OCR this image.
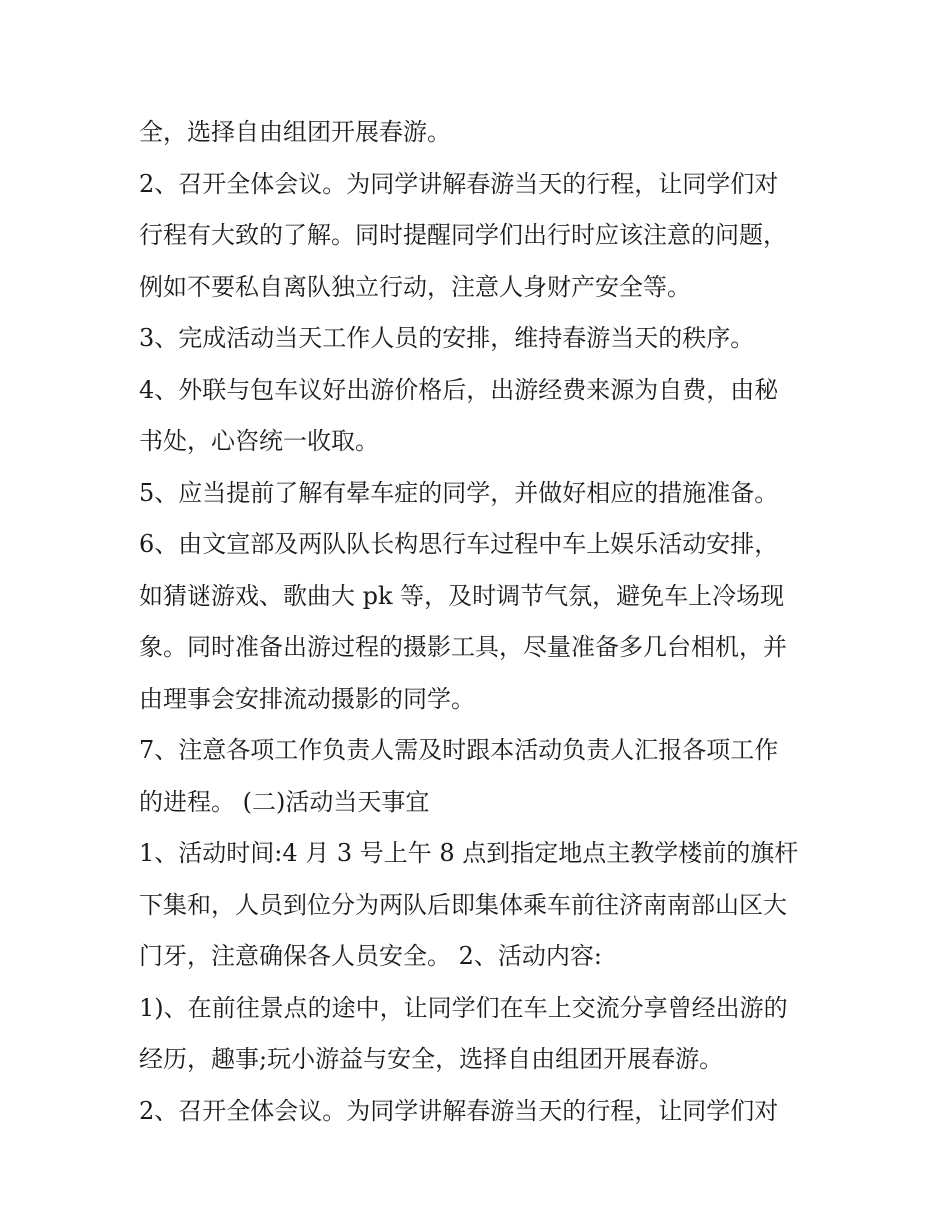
全，选择自由组团开展春游。
2、召开全体会议。为同学讲解春游当天的行程，让同学们对
行程有大致的了解。同时提醒同学们出行时应该注意的问题，
例如不要私自离队独立行动，注意人身财产安全等。
3、完成活动当天工作人员的安排，维持春游当天的秩序。
4、外联与包车议好出游价格后，出游经费来源为自费，由秘
书处，心咨统一收取。
5、应当提前了解有晕车症的同学，并做好相应的措施准备。
6、由文宣部及两队队长构思行车过程中车上娱乐活动安排，
如猜谜游戏、歌曲大 pk 等，及时调节气氛，避免车上冷场现
象。同时准备出游过程的摄影工具，尽量准备多几台相机，并
由理事会安排流动摄影的同学。
7、注意各项工作负责人需及时跟本活动负责人汇报各项工作
的进程。 (二)活动当天事宜
1、活动时间:4 月 3 号上午 8 点到指定地点主教学楼前的旗杆
下集和，人员到位分为两队后即集体乘车前往济南南部山区大
门牙，注意确保各人员安全。 2、活动内容:
1)、在前往景点的途中，让同学们在车上交流分享曾经出游的
经历，趣事;玩小游益与安全，选择自由组团开展春游。
2、召开全体会议。为同学讲解春游当天的行程，让同学们对
